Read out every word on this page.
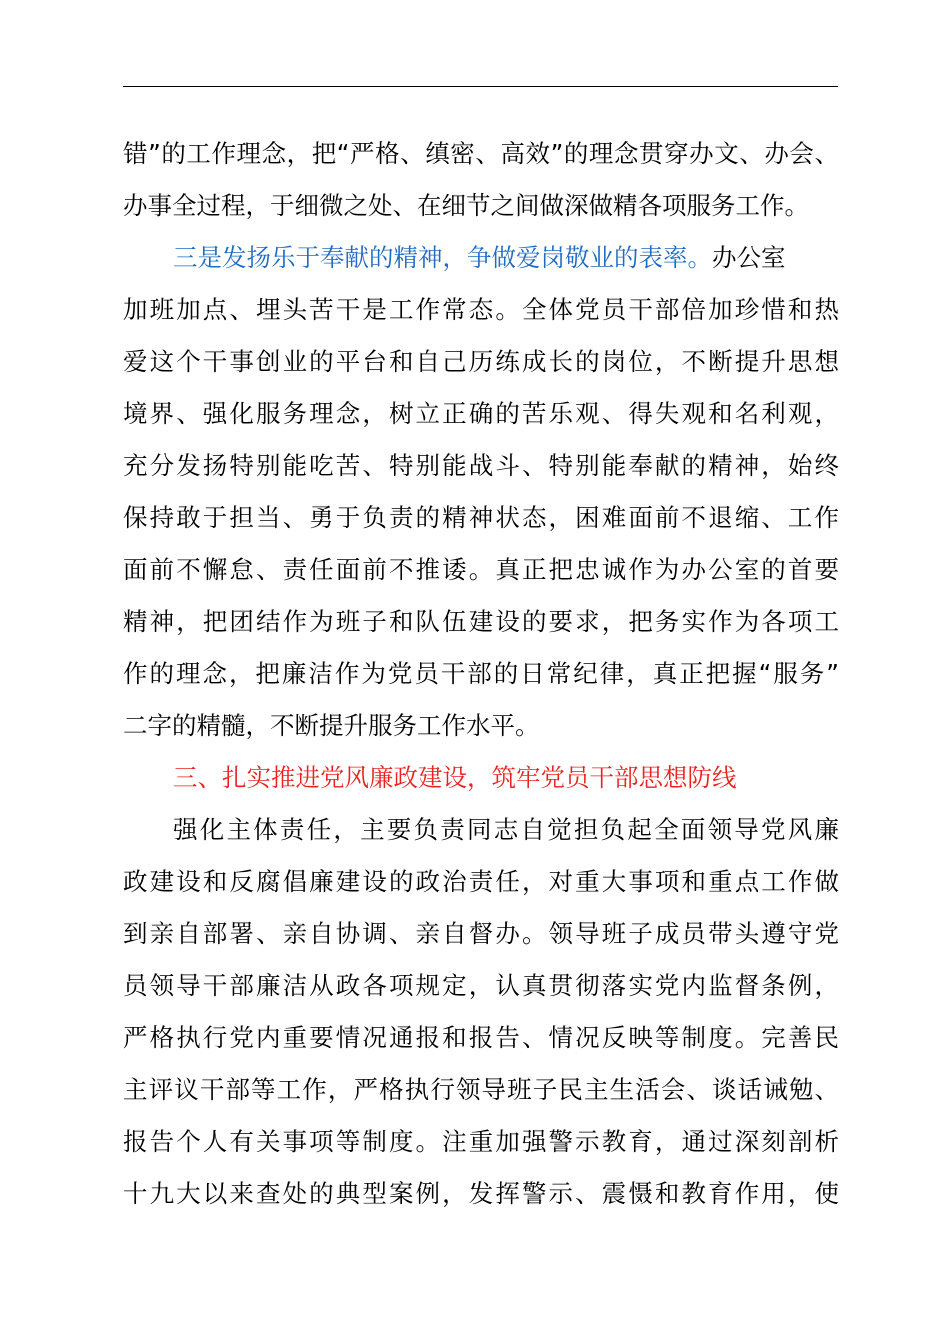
错”的工作理念，把“严格、缜密、高效”的理念贯穿办文、办会、
办事全过程，于细微之处、在细节之间做深做精各项服务工作。
三是发扬乐于奉献的精神，争做爱岗敬业的表率。办公室
加班加点、埋头苦干是工作常态。全体党员干部倍加珍惜和热
爱这个干事创业的平台和自己历练成长的岗位，不断提升思想
境界、强化服务理念，树立正确的苦乐观、得失观和名利观，
充分发扬特别能吃苦、特别能战斗、特别能奉献的精神，始终
保持敢于担当、勇于负责的精神状态，困难面前不退缩、工作
面前不懈怠、责任面前不推诿。真正把忠诚作为办公室的首要
精神，把团结作为班子和队伍建设的要求，把务实作为各项工
作的理念，把廉洁作为党员干部的日常纪律，真正把握“服务”
二字的精髓，不断提升服务工作水平。
三、扎实推进党风廉政建设，筑牢党员干部思想防线
强化主体责任，主要负责同志自觉担负起全面领导党风廉
政建设和反腐倡廉建设的政治责任，对重大事项和重点工作做
到亲自部署、亲自协调、亲自督办。领导班子成员带头遵守党
员领导干部廉洁从政各项规定，认真贯彻落实党内监督条例，
严格执行党内重要情况通报和报告、情况反映等制度。完善民
主评议干部等工作，严格执行领导班子民主生活会、谈话诫勉、
报告个人有关事项等制度。注重加强警示教育，通过深刻剖析
十九大以来查处的典型案例，发挥警示、震慑和教育作用，使
